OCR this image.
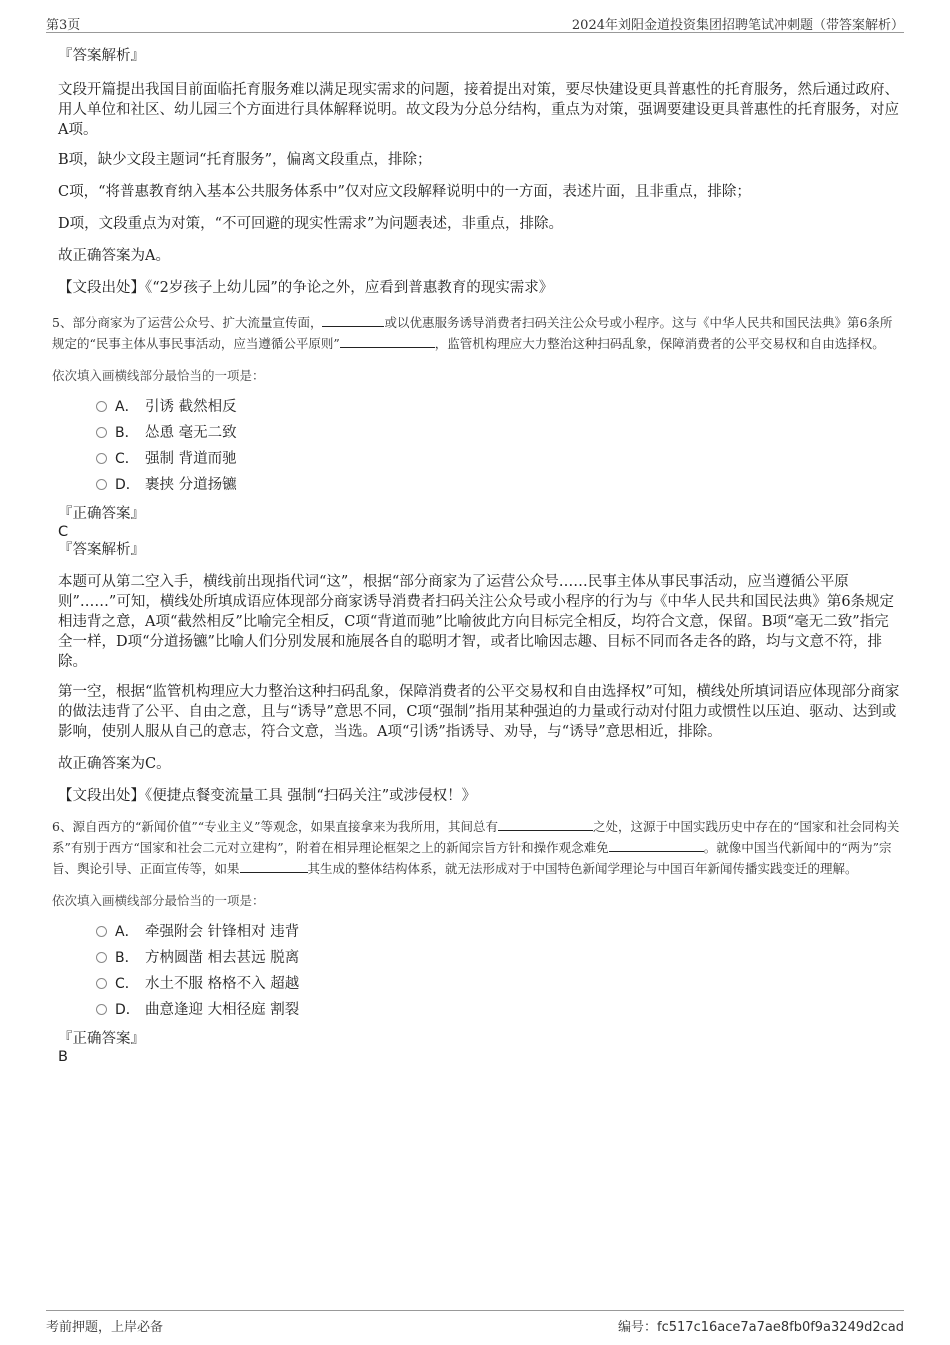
第3页	2024年刘阳金道投资集团招聘笔试冲刺题（带答案解析）

『答案解析』

文段开篇提出我国目前面临托育服务难以满足现实需求的问题，接着提出对策，要尽快建设更具普惠性的托育服务，然后通过政府、用人单位和社区、幼儿园三个方面进行具体解释说明。故文段为分总分结构，重点为对策，强调要建设更具普惠性的托育服务，对应A项。

B项，缺少文段主题词“托育服务”，偏离文段重点，排除；

C项，“将普惠教育纳入基本公共服务体系中”仅对应文段解释说明中的一方面，表述片面，且非重点，排除；

D项，文段重点为对策，“不可回避的现实性需求”为问题表述，非重点，排除。

故正确答案为A。

【文段出处】《“2岁孩子上幼儿园”的争论之外，应看到普惠教育的现实需求》

5、部分商家为了运营公众号、扩大流量宣传面，	或以优惠服务诱导消费者扫码关注公众号或小程序。这与《中华人民共和国民法典》第6条所规定的“民事主体从事民事活动，应当遵循公平原则”	，监管机构理应大力整治这种扫码乱象，保障消费者的公平交易权和自由选择权。

依次填入画横线部分最恰当的一项是：

A． 引诱 截然相反
B． 怂恿 毫无二致
C． 强制 背道而驰
D． 裹挟 分道扬镳

『正确答案』

C

『答案解析』

本题可从第二空入手，横线前出现指代词“这”，根据“部分商家为了运营公众号……民事主体从事民事活动，应当遵循公平原则”……”可知，横线处所填成语应体现部分商家诱导消费者扫码关注公众号或小程序的行为与《中华人民共和国民法典》第6条规定相违背之意，A项“截然相反”比喻完全相反，C项“背道而驰”比喻彼此方向目标完全相反，均符合文意，保留。B项“毫无二致”指完全一样，D项“分道扬镳”比喻人们分别发展和施展各自的聪明才智，或者比喻因志趣、目标不同而各走各的路，均与文意不符，排除。

第一空，根据“监管机构理应大力整治这种扫码乱象，保障消费者的公平交易权和自由选择权”可知，横线处所填词语应体现部分商家的做法违背了公平、自由之意，且与“诱导”意思不同，C项“强制”指用某种强迫的力量或行动对付阻力或惯性以压迫、驱动、达到或影响，使别人服从自己的意志，符合文意，当选。A项“引诱”指诱导、劝导，与“诱导”意思相近，排除。

故正确答案为C。

【文段出处】《便捷点餐变流量工具 强制“扫码关注”或涉侵权！》

6、源自西方的“新闻价值”“专业主义”等观念，如果直接拿来为我所用，其间总有	之处，这源于中国实践历史中存在的“国家和社会同构关系”有别于西方“国家和社会二元对立建构”，附着在相异理论框架之上的新闻宗旨方针和操作观念难免	。就像中国当代新闻中的“两为”宗旨、舆论引导、正面宣传等，如果	其生成的整体结构体系，就无法形成对于中国特色新闻学理论与中国百年新闻传播实践变迁的理解。

依次填入画横线部分最恰当的一项是：

A． 牵强附会 针锋相对 违背
B． 方枘圆凿 相去甚远 脱离
C． 水土不服 格格不入 超越
D． 曲意逢迎 大相径庭 割裂

『正确答案』

B

考前押题，上岸必备	编号：fc517c16ace7a7ae8fb0f9a3249d2cad
